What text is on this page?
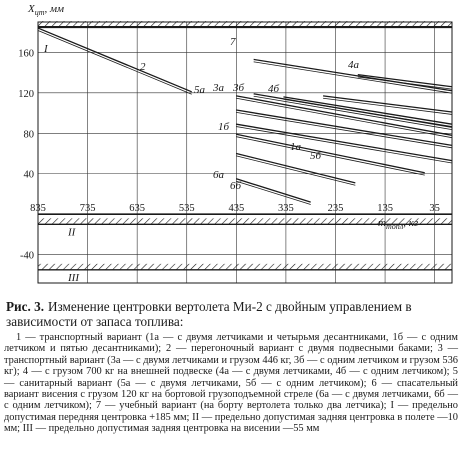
835	735	635	535	435	335	235	135	35
160
120
80
40
-40
$X_{цт}$, мм
$m_{топл}$, кг
II
III
I
2
7
4а
5а 3а 3б 4б
1б
1а
5б
6а
6б

Рис. 3. Изменение центровки вертолета Ми-2 с двойным управлением в зависимости от запаса топлива:

1 — транспортный вариант (1а — с двумя летчиками и четырьмя десантниками, 1б — с одним летчиком и пятью десантниками); 2 — перегоночный вариант с двумя подвесными баками; 3 — транспортный вариант (3а — с двумя летчиками и грузом 446 кг, 3б — с одним летчиком и грузом 536 кг); 4 — с грузом 700 кг на внешней подвеске (4а — с двумя летчиками, 4б — с одним летчиком); 5 — санитарный вариант (5а — с двумя летчиками, 5б — с одним летчиком); 6 — спасательный вариант висения с грузом 120 кг на бортовой грузоподъемной стреле (6а — с двумя летчиками, 6б — с одним летчиком); 7 — учебный вариант (на борту вертолета только два летчика); I — предельно допустимая передняя центровка +185 мм; II — предельно допустимая задняя центровка в полете —10 мм; III — предельно допустимая задняя центровка на висении —55 мм
